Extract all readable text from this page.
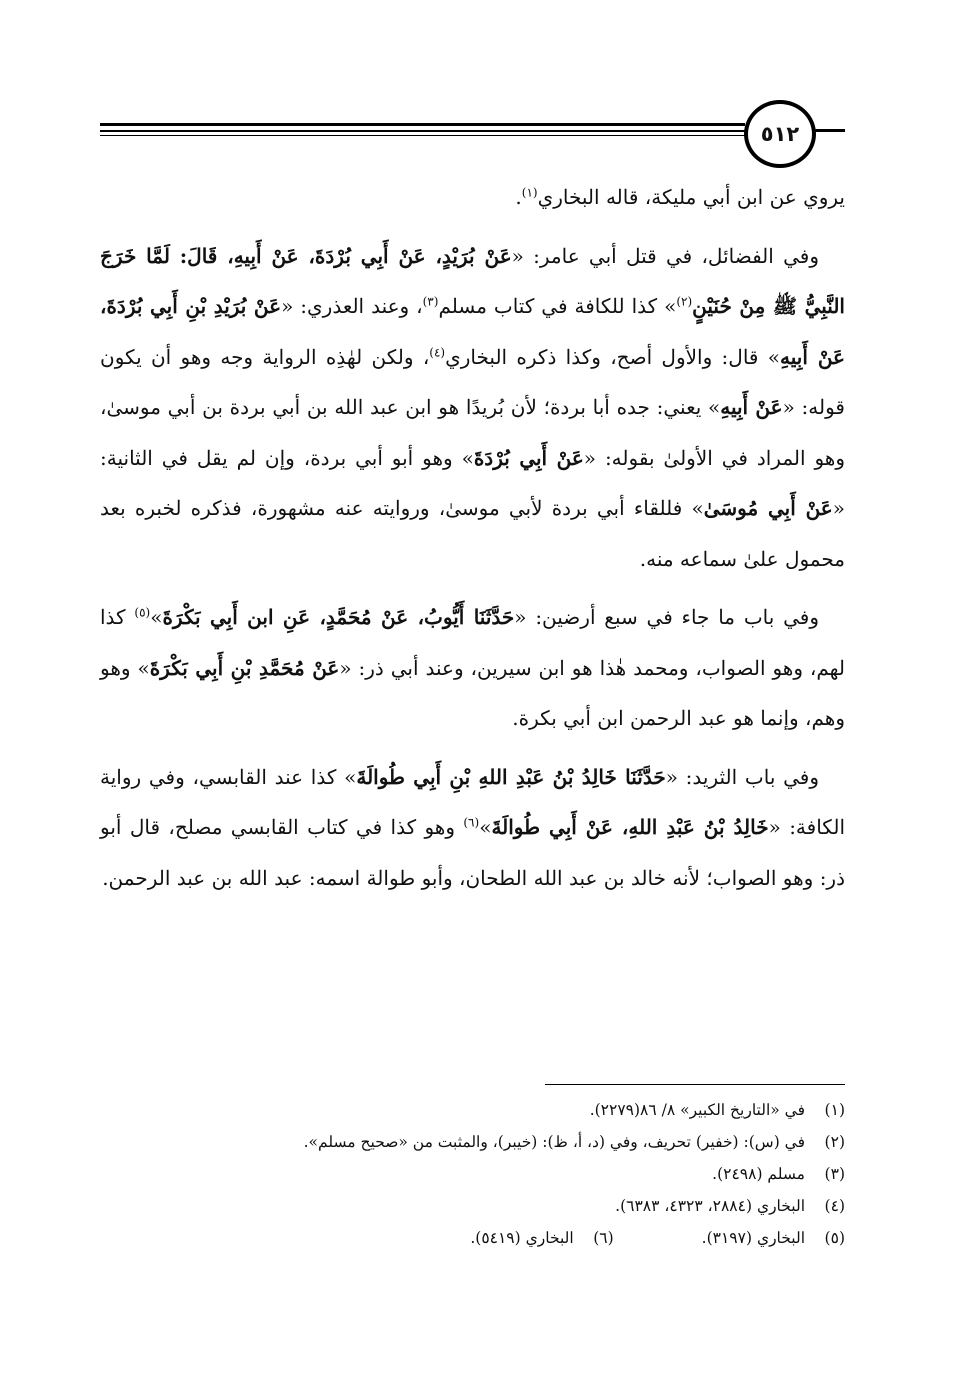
٥١٢

يروي عن ابن أبي مليكة، قاله البخاري$^{(١)}$.

وفي الفضائل، في قتل أبي عامر: «عَنْ بُرَيْدٍ، عَنْ أَبِي بُرْدَةَ، عَنْ أَبِيهِ، قَالَ: لَمَّا خَرَجَ النَّبِيُّ ﷺ مِنْ حُنَيْنٍ$^{(٢)}$» كذا للكافة في كتاب مسلم$^{(٣)}$، وعند العذري: «عَنْ بُرَيْدِ بْنِ أَبِي بُرْدَةَ، عَنْ أَبِيهِ» قال: والأول أصح، وكذا ذكره البخاري$^{(٤)}$، ولكن لهٰذِه الرواية وجه وهو أن يكون قوله: «عَنْ أَبِيهِ» يعني: جده أبا بردة؛ لأن بُريدًا هو ابن عبد الله بن أبي بردة بن أبي موسىٰ، وهو المراد في الأولىٰ بقوله: «عَنْ أَبِي بُرْدَةَ» وهو أبو أبي بردة، وإن لم يقل في الثانية: «عَنْ أَبِي مُوسَىٰ» فللقاء أبي بردة لأبي موسىٰ، وروايته عنه مشهورة، فذكره لخبره بعد محمول علىٰ سماعه منه.

وفي باب ما جاء في سبع أرضين: «حَدَّثَنَا أَيُّوبُ، عَنْ مُحَمَّدٍ، عَنِ ابن أَبِي بَكْرَةَ»$^{(٥)}$ كذا لهم، وهو الصواب، ومحمد هٰذا هو ابن سيرين، وعند أبي ذر: «عَنْ مُحَمَّدِ بْنِ أَبِي بَكْرَةَ» وهو وهم، وإنما هو عبد الرحمن ابن أبي بكرة.

وفي باب الثريد: «حَدَّثَنَا خَالِدُ بْنُ عَبْدِ اللهِ بْنِ أَبِي طُوالَةَ» كذا عند القابسي، وفي رواية الكافة: «خَالِدُ بْنُ عَبْدِ اللهِ، عَنْ أَبِي طُوالَةَ»$^{(٦)}$ وهو كذا في كتاب القابسي مصلح، قال أبو ذر: وهو الصواب؛ لأنه خالد بن عبد الله الطحان، وأبو طوالة اسمه: عبد الله بن عبد الرحمن.

(١)
في «التاريخ الكبير» ٨/ ٨٦(٢٢٧٩).
(٢)
في (س): (خفير) تحريف، وفي (د، أ، ظ): (خيبر)، والمثبت من «صحيح مسلم».
(٣)
مسلم (٢٤٩٨).
(٤)
البخاري (٢٨٨٤، ٤٣٢٣، ٦٣٨٣).
(٥)
البخاري (٣١٩٧).
(٦)
البخاري (٥٤١٩).
